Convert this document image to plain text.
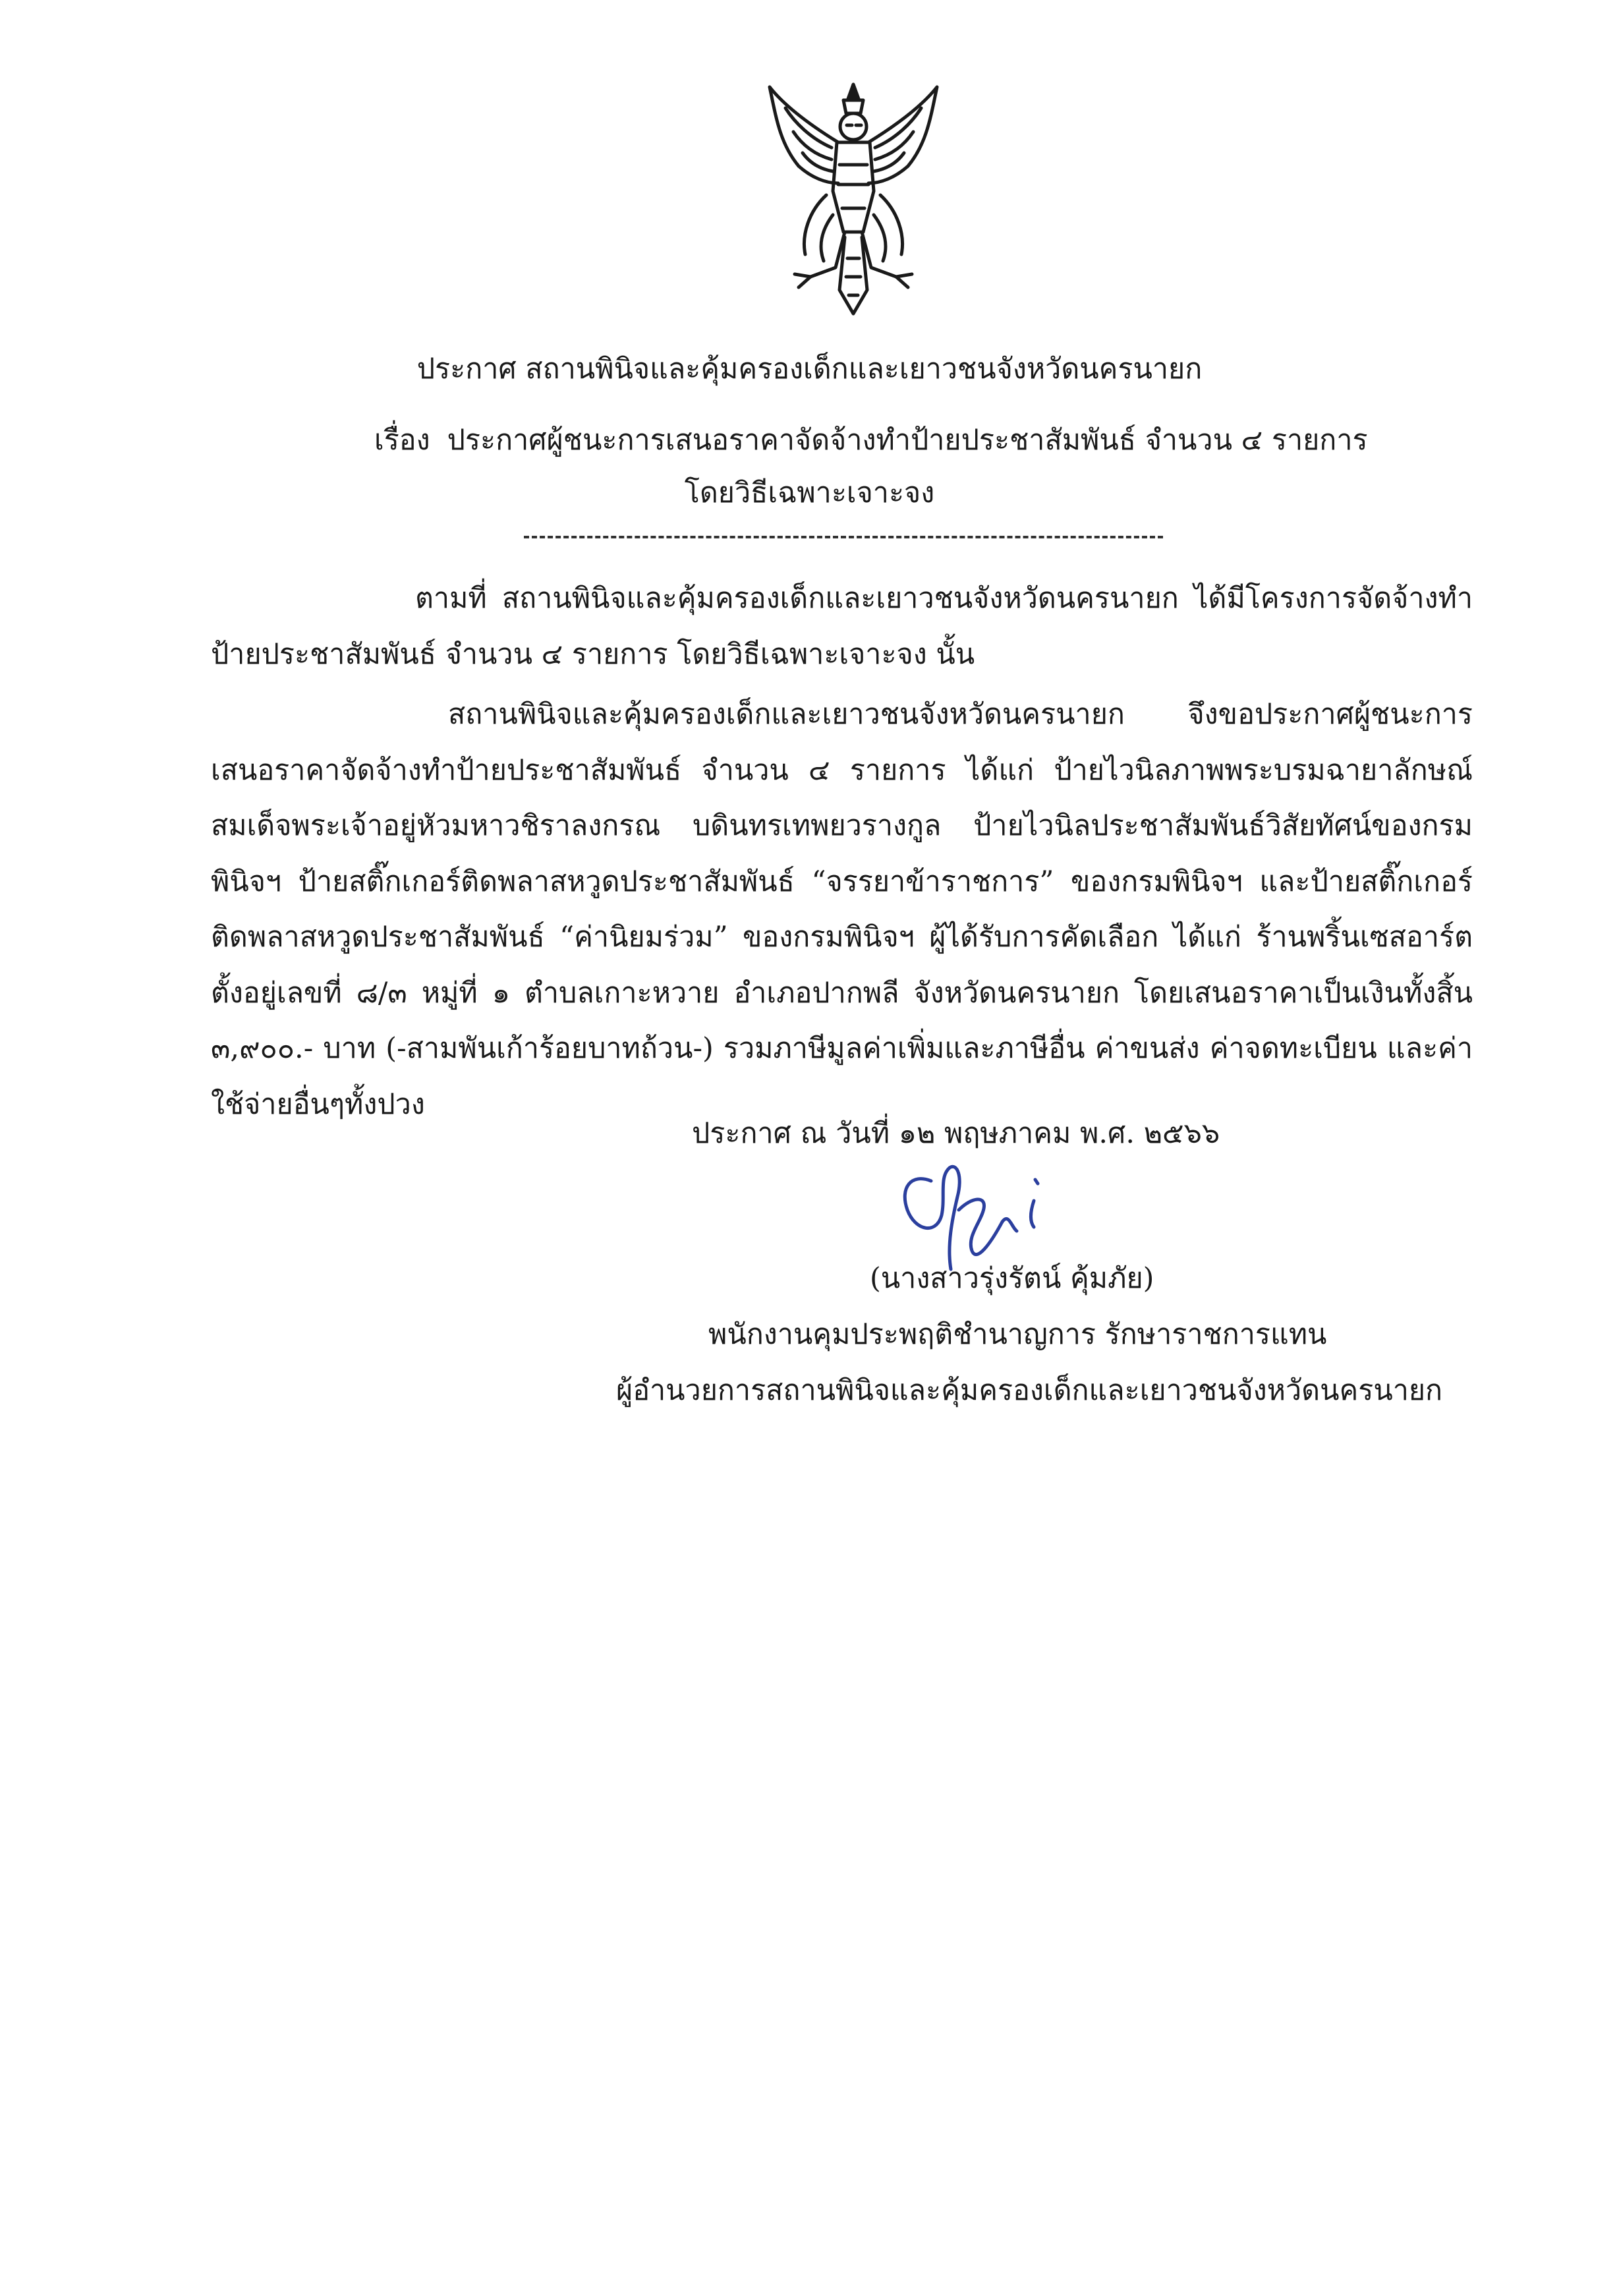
ประกาศ สถานพินิจและคุ้มครองเด็กและเยาวชนจังหวัดนครนายก
เรื่อง ประกาศผู้ชนะการเสนอราคาจัดจ้างทำป้ายประชาสัมพันธ์ จำนวน ๔ รายการ
โดยวิธีเฉพาะเจาะจง
ตามที่ สถานพินิจและคุ้มครองเด็กและเยาวชนจังหวัดนครนายก ได้มีโครงการจัดจ้างทำป้ายประชาสัมพันธ์ จำนวน ๔ รายการ โดยวิธีเฉพาะเจาะจง นั้น
สถานพินิจและคุ้มครองเด็กและเยาวชนจังหวัดนครนายก จึงขอประกาศผู้ชนะการเสนอราคาจัดจ้างทำป้ายประชาสัมพันธ์ จำนวน ๔ รายการ ได้แก่ ป้ายไวนิลภาพพระบรมฉายาลักษณ์ สมเด็จพระเจ้าอยู่หัวมหาวชิราลงกรณ บดินทรเทพยวรางกูล ป้ายไวนิลประชาสัมพันธ์วิสัยทัศน์ของกรมพินิจฯ ป้ายสติ๊กเกอร์ติดพลาสหวูดประชาสัมพันธ์ “จรรยาข้าราชการ” ของกรมพินิจฯ และป้ายสติ๊กเกอร์ติดพลาสหวูดประชาสัมพันธ์ “ค่านิยมร่วม” ของกรมพินิจฯ ผู้ได้รับการคัดเลือก ได้แก่ ร้านพริ้นเซสอาร์ต ตั้งอยู่เลขที่ ๘/๓ หมู่ที่ ๑ ตำบลเกาะหวาย อำเภอปากพลี จังหวัดนครนายก โดยเสนอราคาเป็นเงินทั้งสิ้น ๓,๙๐๐.- บาท (-สามพันเก้าร้อยบาทถ้วน-) รวมภาษีมูลค่าเพิ่มและภาษีอื่น ค่าขนส่ง ค่าจดทะเบียน และค่าใช้จ่ายอื่นๆทั้งปวง
ประกาศ ณ วันที่ ๑๒ พฤษภาคม พ.ศ. ๒๕๖๖
(นางสาวรุ่งรัตน์ คุ้มภัย)
พนักงานคุมประพฤติชำนาญการ รักษาราชการแทน
ผู้อำนวยการสถานพินิจและคุ้มครองเด็กและเยาวชนจังหวัดนครนายก
